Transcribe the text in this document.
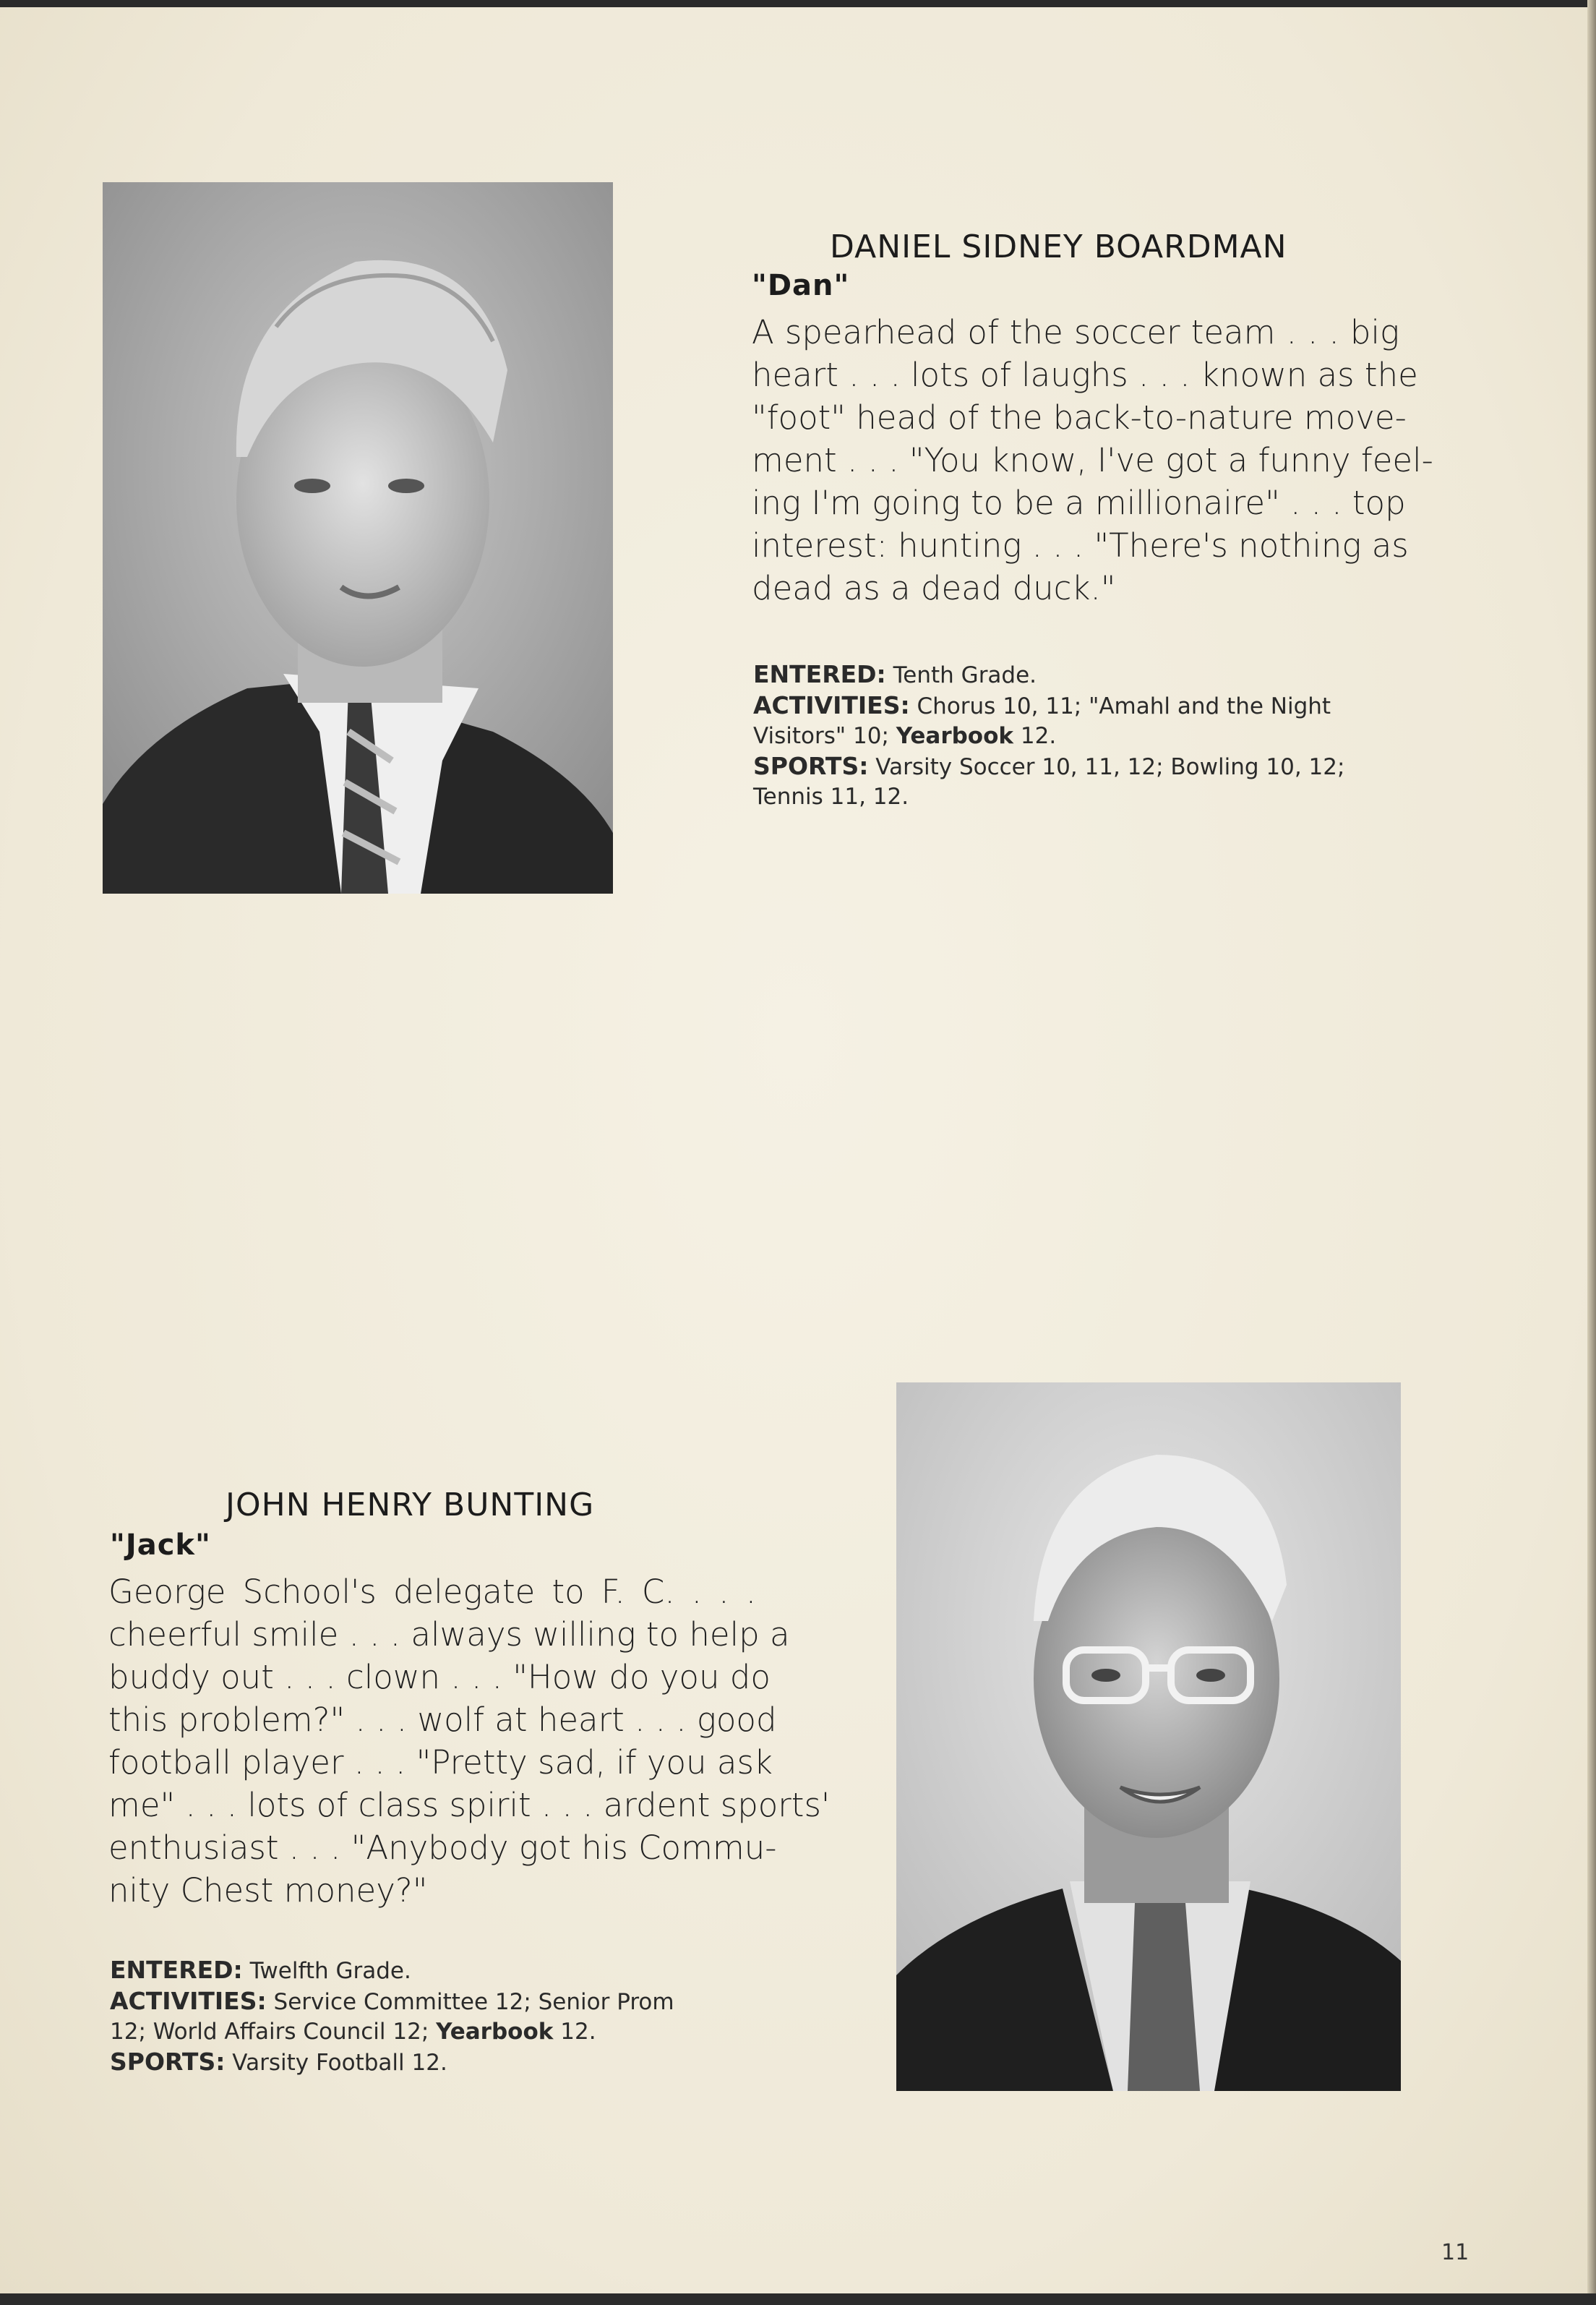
DANIEL SIDNEY BOARDMAN
"Dan"
A spearhead of the soccer team . . . big
heart . . . lots of laughs . . . known as the
"foot" head of the back-to-nature move-
ment . . . "You know, I've got a funny feel-
ing I'm going to be a millionaire" . . . top
interest: hunting . . . "There's nothing as
dead as a dead duck."
ENTERED: Tenth Grade.
ACTIVITIES: Chorus 10, 11; "Amahl and the Night
Visitors" 10; Yearbook 12.
SPORTS: Varsity Soccer 10, 11, 12; Bowling 10, 12;
Tennis 11, 12.
JOHN HENRY BUNTING
"Jack"
George School's delegate to F. C. . . .
cheerful smile . . . always willing to help a
buddy out . . . clown . . . "How do you do
this problem?" . . . wolf at heart . . . good
football player . . . "Pretty sad, if you ask
me" . . . lots of class spirit . . . ardent sports'
enthusiast . . . "Anybody got his Commu-
nity Chest money?"
ENTERED: Twelfth Grade.
ACTIVITIES: Service Committee 12; Senior Prom
12; World Affairs Council 12; Yearbook 12.
SPORTS: Varsity Football 12.
11
